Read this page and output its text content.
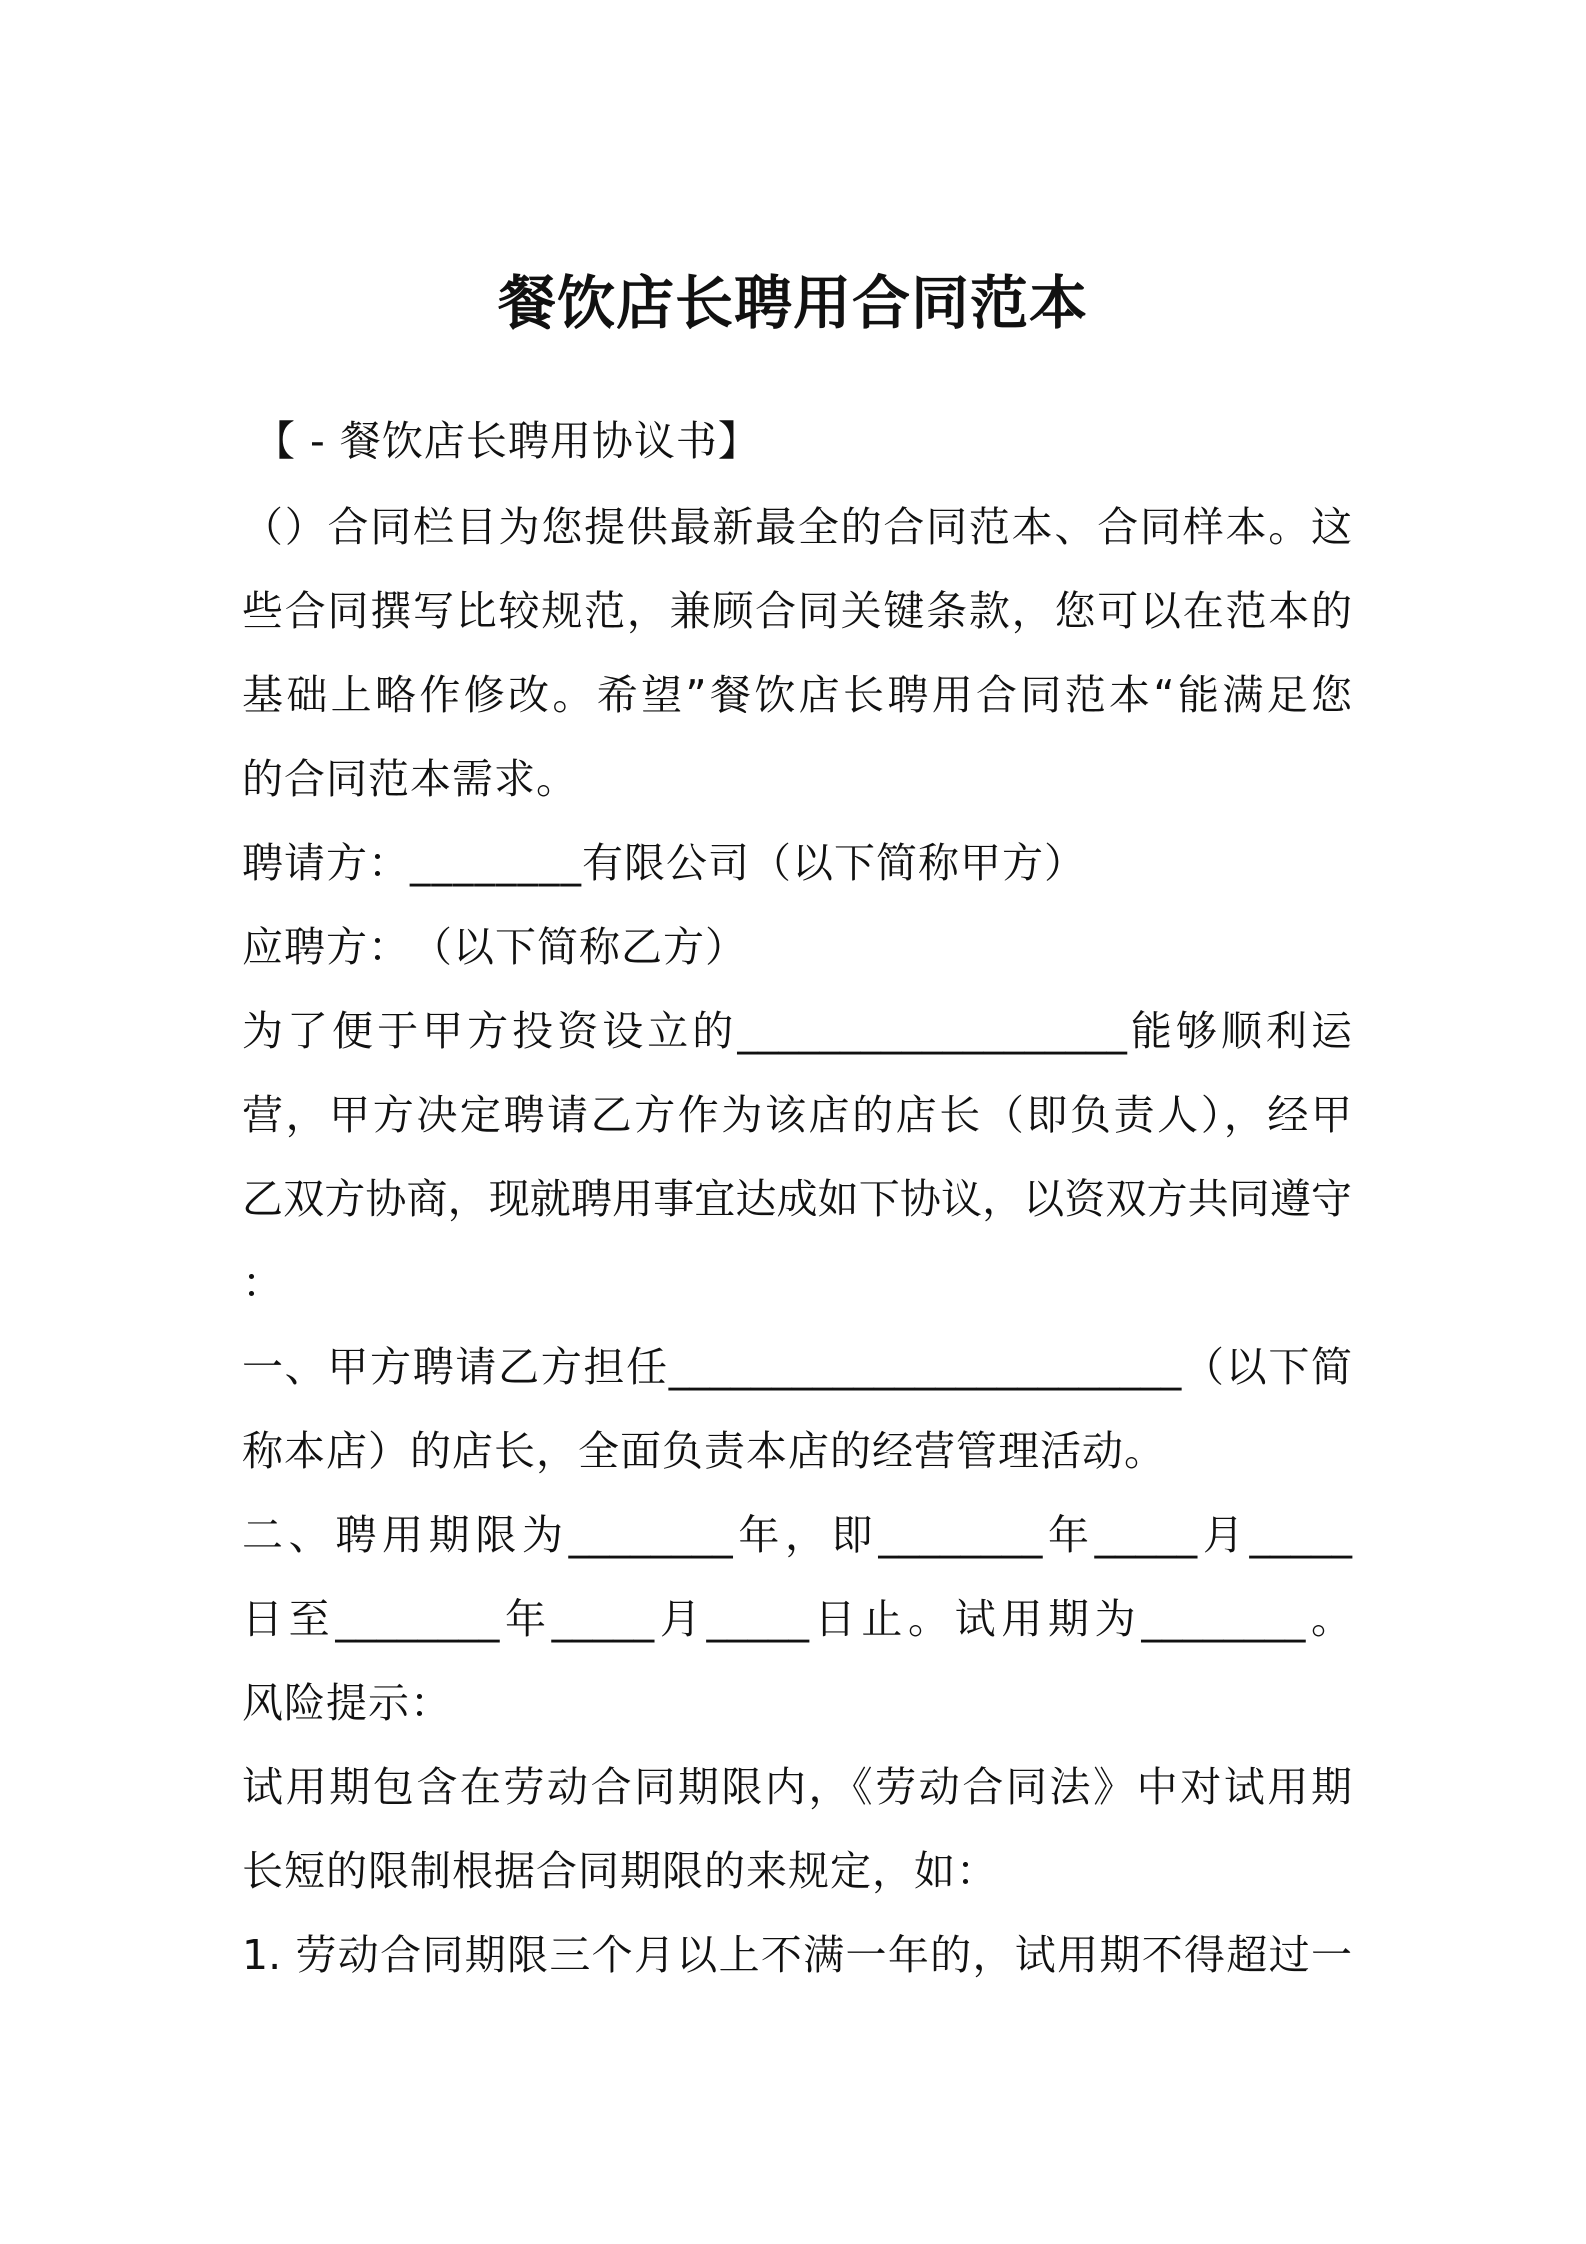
餐饮店长聘用合同范本
【 - 餐饮店长聘用协议书】
（）合同栏目为您提供最新最全的合同范本、合同样本。这
些合同撰写比较规范，兼顾合同关键条款，您可以在范本的
基础上略作修改。希望”餐饮店长聘用合同范本“能满足您
的合同范本需求。
聘请方：________有限公司（以下简称甲方）
应聘方：　（以下简称乙方）
为了便于甲方投资设立的___________________能够顺利运
营，甲方决定聘请乙方作为该店的店长（即负责人），经甲
乙双方协商，现就聘用事宜达成如下协议，以资双方共同遵守
：
一、甲方聘请乙方担任_________________________（以下简
称本店）的店长，全面负责本店的经营管理活动。
二、聘用期限为________年，即________年_____月_____
日至________年_____月_____日止。试用期为________。
风险提示：
试用期包含在劳动合同期限内，《劳动合同法》中对试用期
长短的限制根据合同期限的来规定，如：
1. 劳动合同期限三个月以上不满一年的，试用期不得超过一
